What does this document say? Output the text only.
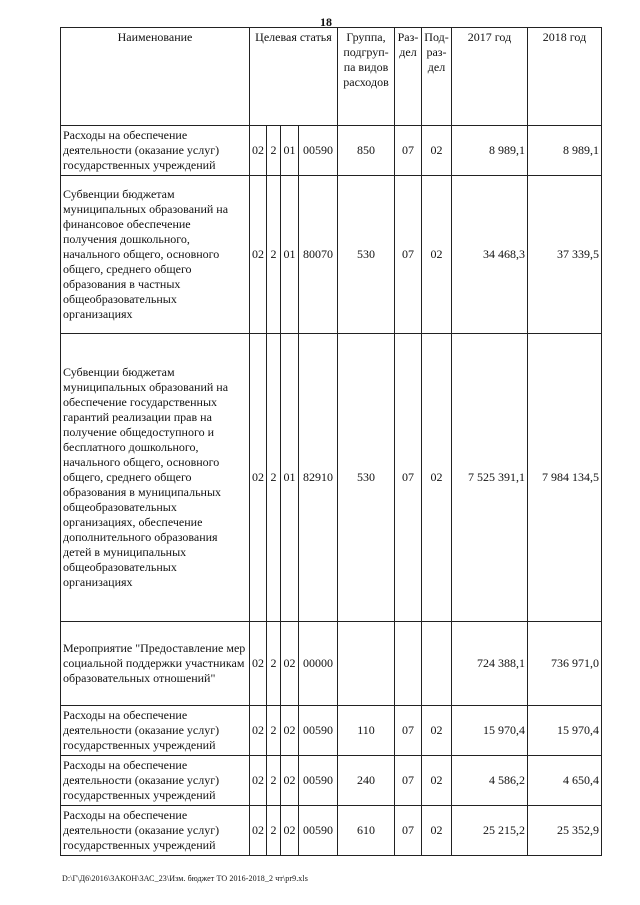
18
Наименование	Целевая статья				Группа, подгруп-па видов расходов	Раз-дел	Под-раз-дел	2017 год	2018 год
Расходы на обеспечение деятельности (оказание услуг) государственных учреждений	02	2	01	00590	850	07	02	8 989,1	8 989,1
Субвенции бюджетам муниципальных образований на финансовое обеспечение получения дошкольного, начального общего, основного общего, среднего общего образования в частных общеобразовательных организациях	02	2	01	80070	530	07	02	34 468,3	37 339,5
Субвенции бюджетам муниципальных образований на обеспечение государственных гарантий реализации прав на получение общедоступного и бесплатного дошкольного, начального общего, основного общего, среднего общего образования в муниципальных общеобразовательных организациях, обеспечение дополнительного образования детей в муниципальных общеобразовательных организациях	02	2	01	82910	530	07	02	7 525 391,1	7 984 134,5
Мероприятие "Предоставление мер социальной поддержки участникам образовательных отношений"	02	2	02	00000				724 388,1	736 971,0
Расходы на обеспечение деятельности (оказание услуг) государственных учреждений	02	2	02	00590	110	07	02	15 970,4	15 970,4
Расходы на обеспечение деятельности (оказание услуг) государственных учреждений	02	2	02	00590	240	07	02	4 586,2	4 650,4
Расходы на обеспечение деятельности (оказание услуг) государственных учреждений	02	2	02	00590	610	07	02	25 215,2	25 352,9
D:\Г\Д6\2016\ЗАКОН\ЗАС_23\Изм. бюджет ТО 2016-2018_2 чт\pr9.xls
